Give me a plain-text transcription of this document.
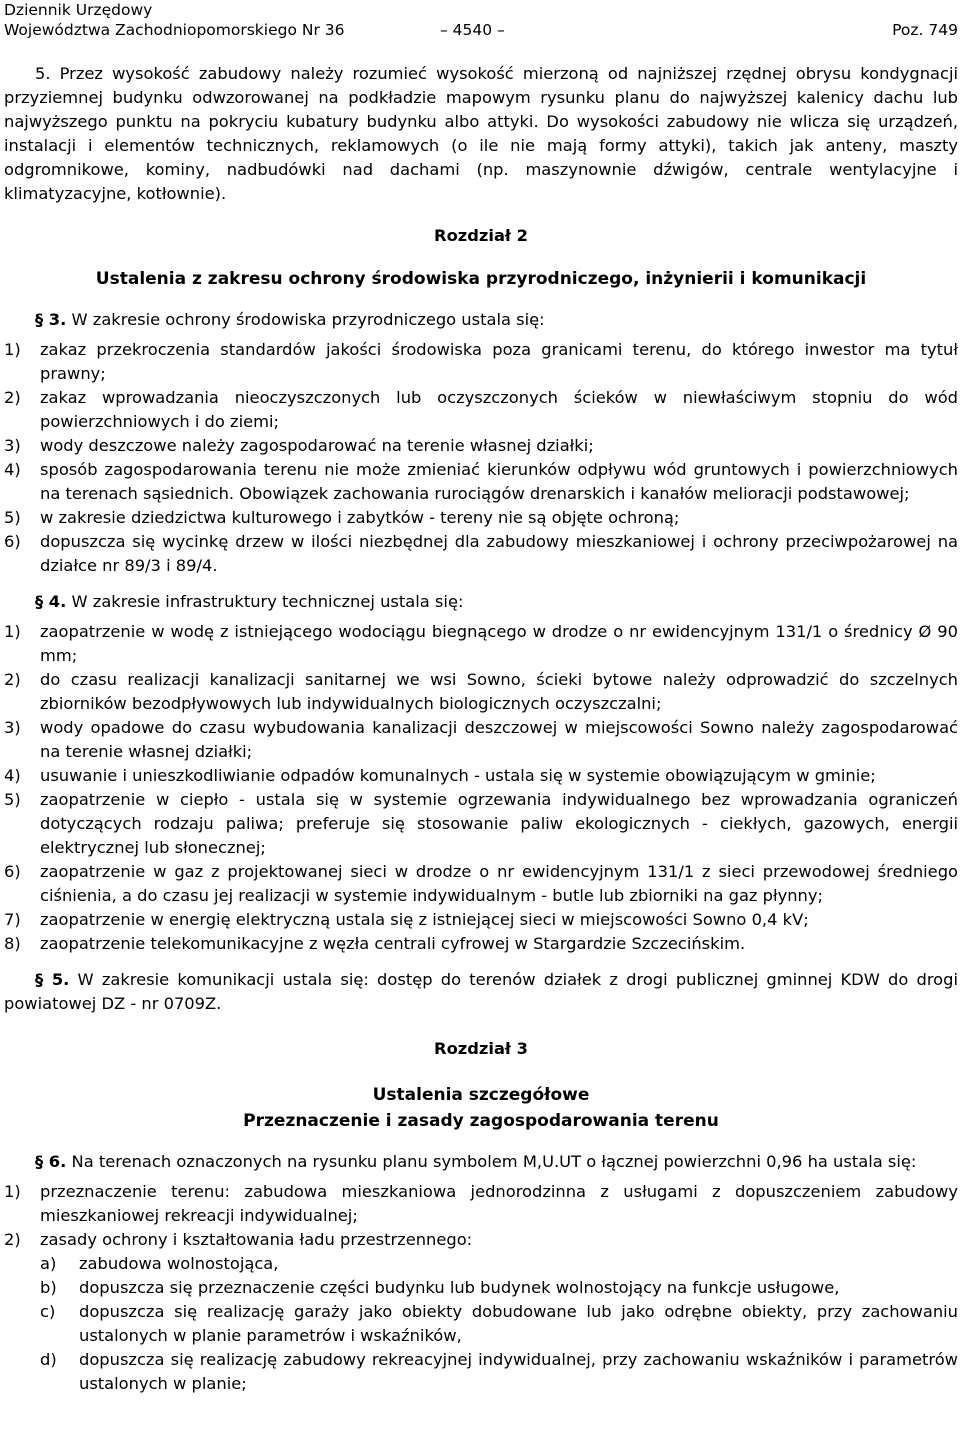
Dziennik Urzędowy
Województwa Zachodniopomorskiego Nr 36	– 4540 –	Poz. 749

5. Przez wysokość zabudowy należy rozumieć wysokość mierzoną od najniższej rzędnej obrysu kondygnacji przyziemnej budynku odwzorowanej na podkładzie mapowym rysunku planu do najwyższej kalenicy dachu lub najwyższego punktu na pokryciu kubatury budynku albo attyki. Do wysokości zabudowy nie wlicza się urządzeń, instalacji i elementów technicznych, reklamowych (o ile nie mają formy attyki), takich jak anteny, maszty odgromnikowe, kominy, nadbudówki nad dachami (np. maszynownie dźwigów, centrale wentylacyjne i klimatyzacyjne, kotłownie).

Rozdział 2
Ustalenia z zakresu ochrony środowiska przyrodniczego, inżynierii i komunikacji

§ 3. W zakresie ochrony środowiska przyrodniczego ustala się:

1) zakaz przekroczenia standardów jakości środowiska poza granicami terenu, do którego inwestor ma tytuł prawny;
2) zakaz wprowadzania nieoczyszczonych lub oczyszczonych ścieków w niewłaściwym stopniu do wód powierzchniowych i do ziemi;
3) wody deszczowe należy zagospodarować na terenie własnej działki;
4) sposób zagospodarowania terenu nie może zmieniać kierunków odpływu wód gruntowych i powierzchniowych na terenach sąsiednich. Obowiązek zachowania rurociągów drenarskich i kanałów melioracji podstawowej;
5) w zakresie dziedzictwa kulturowego i zabytków - tereny nie są objęte ochroną;
6) dopuszcza się wycinkę drzew w ilości niezbędnej dla zabudowy mieszkaniowej i ochrony przeciwpożarowej na działce nr 89/3 i 89/4.

§ 4. W zakresie infrastruktury technicznej ustala się:

1) zaopatrzenie w wodę z istniejącego wodociągu biegnącego w drodze o nr ewidencyjnym 131/1 o średnicy Ø 90 mm;
2) do czasu realizacji kanalizacji sanitarnej we wsi Sowno, ścieki bytowe należy odprowadzić do szczelnych zbiorników bezodpływowych lub indywidualnych biologicznych oczyszczalni;
3) wody opadowe do czasu wybudowania kanalizacji deszczowej w miejscowości Sowno należy zagospodarować na terenie własnej działki;
4) usuwanie i unieszkodliwianie odpadów komunalnych - ustala się w systemie obowiązującym w gminie;
5) zaopatrzenie w ciepło - ustala się w systemie ogrzewania indywidualnego bez wprowadzania ograniczeń dotyczących rodzaju paliwa; preferuje się stosowanie paliw ekologicznych - ciekłych, gazowych, energii elektrycznej lub słonecznej;
6) zaopatrzenie w gaz z projektowanej sieci w drodze o nr ewidencyjnym 131/1 z sieci przewodowej średniego ciśnienia, a do czasu jej realizacji w systemie indywidualnym - butle lub zbiorniki na gaz płynny;
7) zaopatrzenie w energię elektryczną ustala się z istniejącej sieci w miejscowości Sowno 0,4 kV;
8) zaopatrzenie telekomunikacyjne z węzła centrali cyfrowej w Stargardzie Szczecińskim.

§ 5. W zakresie komunikacji ustala się: dostęp do terenów działek z drogi publicznej gminnej KDW do drogi powiatowej DZ - nr 0709Z.

Rozdział 3
Ustalenia szczegółowe
Przeznaczenie i zasady zagospodarowania terenu

§ 6. Na terenach oznaczonych na rysunku planu symbolem M,U.UT o łącznej powierzchni 0,96 ha ustala się:

1) przeznaczenie terenu: zabudowa mieszkaniowa jednorodzinna z usługami z dopuszczeniem zabudowy mieszkaniowej rekreacji indywidualnej;
2) zasady ochrony i kształtowania ładu przestrzennego:
a) zabudowa wolnostojąca,
b) dopuszcza się przeznaczenie części budynku lub budynek wolnostojący na funkcje usługowe,
c) dopuszcza się realizację garaży jako obiekty dobudowane lub jako odrębne obiekty, przy zachowaniu ustalonych w planie parametrów i wskaźników,
d) dopuszcza się realizację zabudowy rekreacyjnej indywidualnej, przy zachowaniu wskaźników i parametrów ustalonych w planie;
